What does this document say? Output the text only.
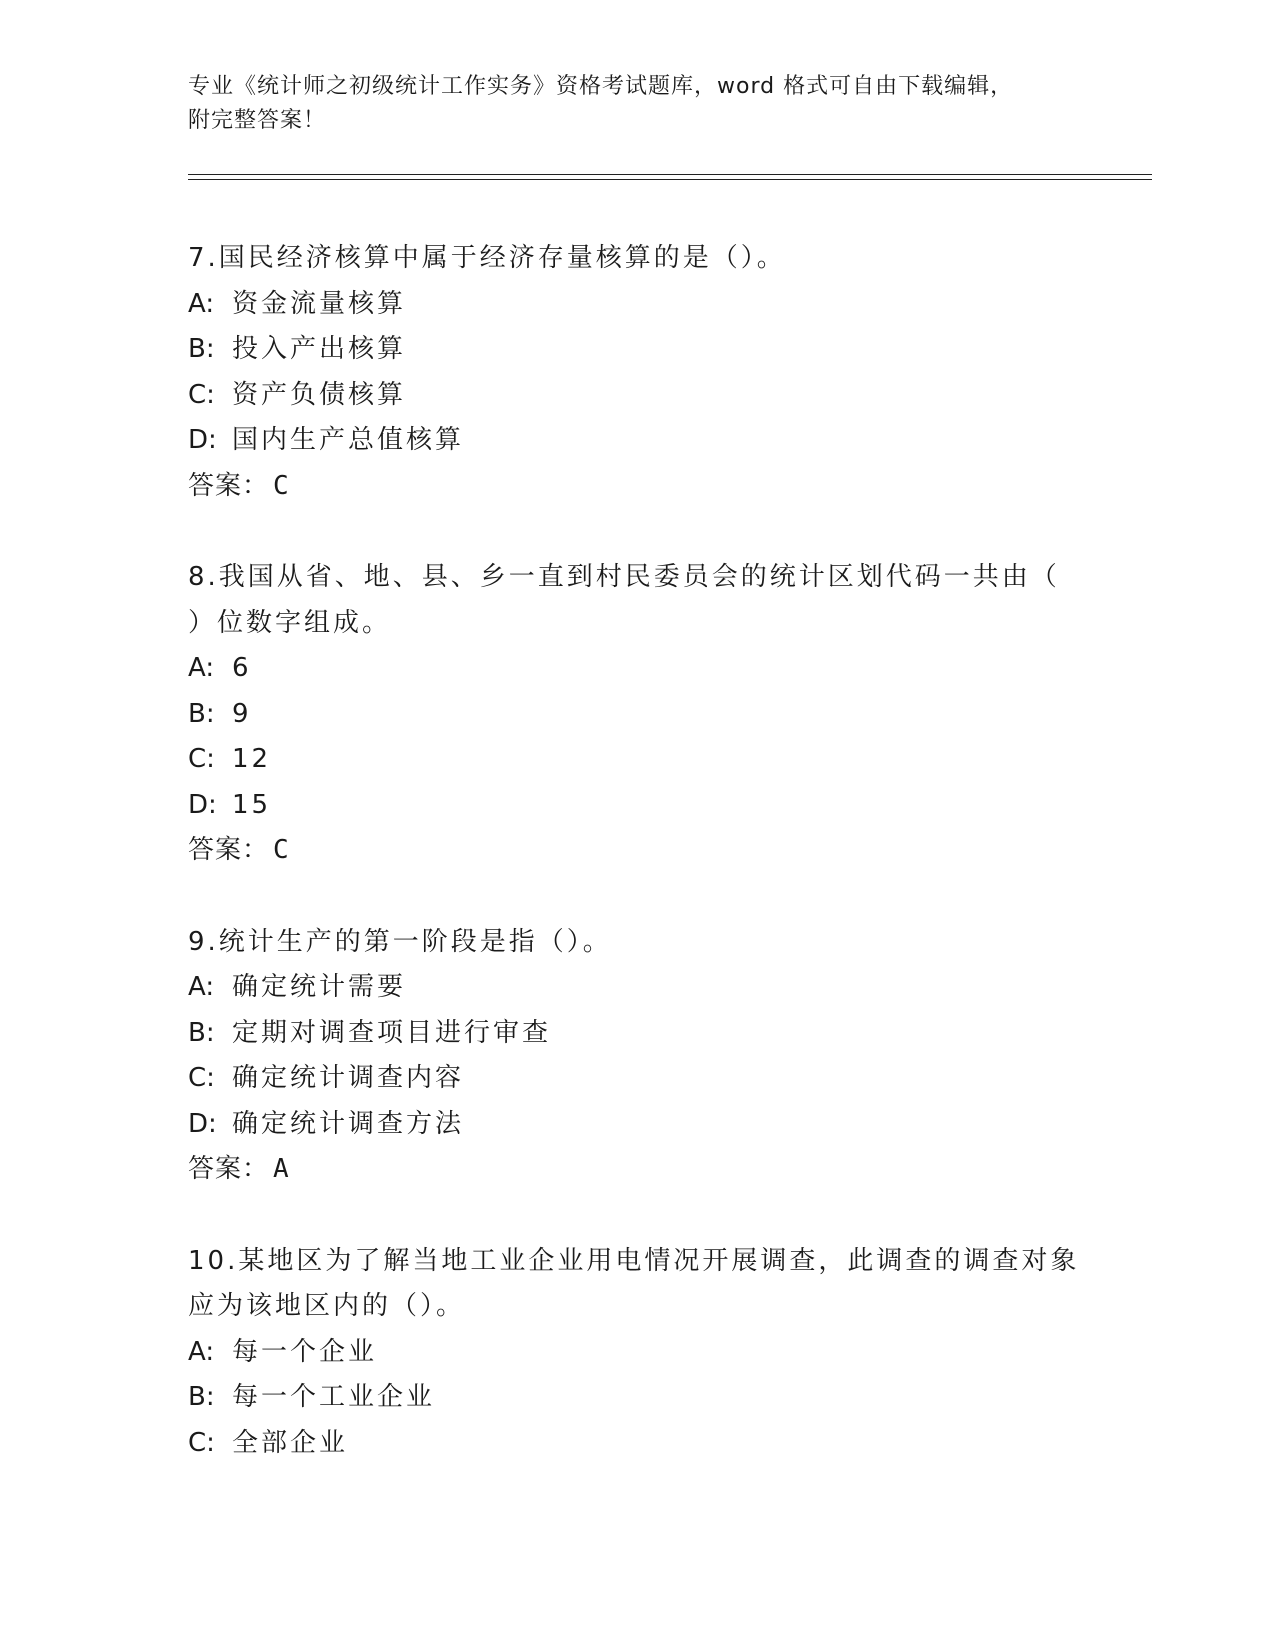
专业《统计师之初级统计工作实务》资格考试题库，word 格式可自由下载编辑，
附完整答案！
7.国民经济核算中属于经济存量核算的是（）。
A: 资金流量核算
B: 投入产出核算
C: 资产负债核算
D: 国内生产总值核算
答案： C
8.我国从省、地、县、乡一直到村民委员会的统计区划代码一共由（
）位数字组成。
A: 6
B: 9
C: 12
D: 15
答案： C
9.统计生产的第一阶段是指（）。
A: 确定统计需要
B: 定期对调查项目进行审查
C: 确定统计调查内容
D: 确定统计调查方法
答案： A
10.某地区为了解当地工业企业用电情况开展调查，此调查的调查对象
应为该地区内的（）。
A: 每一个企业
B: 每一个工业企业
C: 全部企业
